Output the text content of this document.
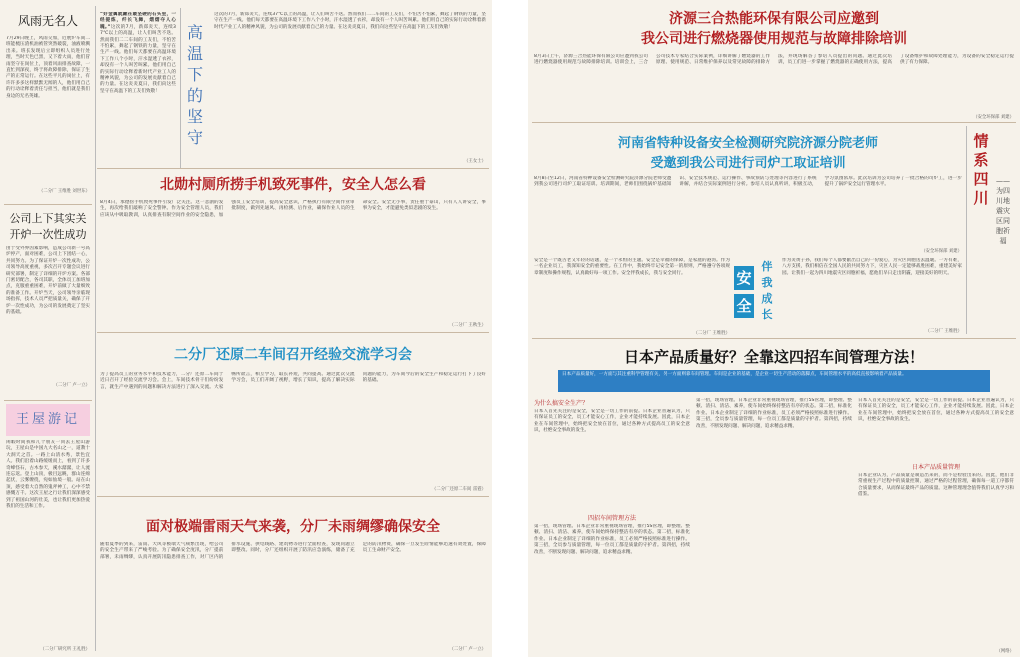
风雨无名人
7月29日晚上，风雨交加，近展炉车间二班能梳压渣机油被管突然破裂，油液喷溅出来。班长发现后立即组织人员进行处理，当时天色已黑，又下着大雨，他们冒雨坚守在岗位上，顶着风雨排查故障，一直忙到深夜，终于将故障排除，保证了生产的正常运行。在这些平凡的岗位上，有许许多多这样默默无闻的人，他们用自己的行动诠释着责任与担当，他们就是我们身边的无名英雄。
（二分厂 王维胜 刘世东）
公司上下其实关
开炉一次性成功
由于受外界因素影响，造成公司新一号高炉停产，面对困难，公司上下团结一心，共同努力。为了保证开炉一次性成功，公司领导高度重视，多次召开专题会议进行研究部署，制定了详细的开炉方案。各部门密切配合，各司其职，全体员工加班加点，克服重重困难，开炉前做了大量细致的准备工作。开炉当天，公司领导亲临现场指挥，技术人员严把质量关，确保了开炉一次性成功，为公司的发展奠定了坚实的基础。
（二分厂 卢一立）
王屋游记
闲暇时间我和几个朋友一同去王屋山游玩，王屋山是中国九大名山之一，道教十大洞天之首。一路上山清水秀，景色宜人。我们沿着山路缓缓而上，看到了许多奇峰怪石，古木参天，溪水潺潺，让人流连忘返。登上山顶，极目远眺，群山连绵起伏，云雾缭绕，宛如仙境一般。站在山顶，感受着大自然的鬼斧神工，心中不禁感慨万千。这次王屋之行让我们深深感受到了祖国山河的壮美，也让我们更加热爱我们的生活和工作。
（二分厂研究所 王礼胜）
“好金属就藏在最坚硬的石头里，一经提炼，纤长飞舞，熠熠夺人心魄。”这次的7月，新郑炎天，连续37℃以上的高温，让人们叫苦不迭。然而我们二二车间的工友们，不怕苦不怕累，舞起了钢铁的力量，坚守在生产一线。他们每天都要在高温环境下工作八个小时，汗水湿透了衣衫，却没有一个人叫苦叫累。他们用自己的实际行动诠释着新时代产业工人的精神风貌，为公司的发展贡献着自己的力量。在这炎炎夏日，我们向这些坚守在高温下的工友们致敬！
高温下的坚守
这次的7月，新郑炎天，连续37℃以上的高温，让人们叫苦不迭。然而我们二二车间的工友们，不怕苦不怕累，舞起了钢铁的力量，坚守在生产一线。他们每天都要在高温环境下工作八个小时，汗水湿透了衣衫，却没有一个人叫苦叫累。他们用自己的实际行动诠释着新时代产业工人的精神风貌，为公司的发展贡献着自己的力量。在这炎炎夏日，我们向这些坚守在高温下的工友们致敬！
（王女士）
北勋村厕所捞手机致死事件，安全人怎么看
8月4日，承德捞手机致死事件引发广泛关注。这一悲剧的发生，再次给我们敲响了安全警钟。作为安全管理人员，我们应该从中吸取教训，认真排查有限空间作业的安全隐患，加强员工安全培训，提高安全意识，严格执行有限空间作业审批制度，做到先通风、再检测、后作业，确保作业人员的生命安全。安全无小事，责任重于泰山，只有人人讲安全，事事为安全，才能避免类似悲剧的发生。
（二分厂 王秋生）
二分厂还原二车间召开经验交流学习会
为了提高员工的业务水平和技术能力，二分厂还原二车间于近日召开了经验交流学习会。会上，车间技术骨干们纷纷发言，就生产中遇到的问题和解决方法进行了深入交流。大家畅所欲言，相互学习，取长补短，共同提高。通过此次交流学习会，员工们开阔了视野，增长了知识，提高了解决实际问题的能力，为车间今后的安全生产和稳定运行打下了良好的基础。
（二分厂还原二车间 雷霆）
面对极端雷雨天气来袭，分厂未雨绸缪确保安全
随着夏季的到来，雷雨、大风等极端天气频繁出现，给公司的安全生产带来了严峻考验。为了确保安全度汛，分厂提前部署，未雨绸缪，认真开展防汛隐患排查工作，对厂区内的排水设施、供电线路、建筑物等进行全面检查，发现问题立即整改。同时，分厂还组织开展了防汛应急演练，储备了充足的防汛物资，确保一旦发生险情能够迅速有效处置，保障员工生命财产安全。
（二分厂 卢一立）
济源三合热能环保有限公司应邀到
我公司进行燃烧器使用规范与故障排除培训
8月3日上午，济源三合热能环保有限公司应邀到我公司进行燃烧器使用规范与故障排除培训。培训会上，三合公司技术专家结合实际案例，详细讲解了燃烧器的工作原理、使用规范、日常维护保养以及常见故障的排除方法，并现场解答了参培人员提出的问题。通过此次培训，员工们进一步掌握了燃烧器的正确使用方法，提高了设备维护和故障处理能力，为设备的安全稳定运行提供了有力保障。
（安全环保部 刘建）
河南省特种设备安全检测研究院济源分院老师
受邀到我公司进行司炉工取证培训
8月8日至12日，河南省特种设备安全检测研究院济源分院老师受邀到我公司进行司炉工取证培训。培训期间，老师们围绕锅炉基础知识、安全技术规范、运行操作、事故预防与处理等内容进行了系统讲解，并结合实际案例进行分析。参培人员认真听讲，积极互动，学习氛围浓厚。此次培训为公司培养了一批合格的司炉工，进一步提升了锅炉安全运行管理水平。
（安全环保部 刘建）
安全是一个既古老又年轻的话题，是一个永恒的主题。安全是幸福的保障，是家庭的港湾。作为一名企业员工，我深知安全的重要性。在工作中，我始终牢记安全第一的原则，严格遵守各项规章制度和操作规程，认真做好每一项工作。安全伴我成长，我与安全同行。	安
全
伴
我
成
长
（二分厂 王维胜）
作为炎黄子孙，我们每个人都要献出自己的一份爱心，为灾区同胞送去温暖。一方有难，八方支援，我们相信在全国人民的共同努力下，灾区人民一定能够战胜困难，重建美好家园。让我们一起为四川地震灾区同胞祈福，愿他们早日走出阴霾，迎接美好的明天。
（二分厂 王维胜）
情系四川
——为四川地震灾区同胞祈福
日本产品质量好？全靠这四招车间管理方法！
日本产品质量好，一方面与其注重科学管理有关，另一方面则靠车间管理。车间是企业的基础，是企业一切生产活动的落脚点，车间管理水平的高低直接影响着产品质量。
为什么搞安全生产？
日本人首先关注的是安全，安全是一切工作的前提。日本企业普遍认为，只有保证员工的安全，员工才能安心工作，企业才能持续发展。因此，日本企业在车间管理中，始终把安全放在首位，通过各种方式提高员工的安全意识，杜绝安全事故的发生。
四招车间管理方法
第一招，现场管理。日本企业非常重视现场管理，推行5S管理，即整理、整顿、清扫、清洁、素养，使车间始终保持整洁有序的状态。第二招，标准化作业。日本企业制定了详细的作业标准，员工必须严格按照标准进行操作。第三招，全员参与质量管理，每一位员工都是质量的守护者。第四招，持续改善，不断发现问题、解决问题，追求精益求精。
第一招，现场管理。日本企业非常重视现场管理，推行5S管理，即整理、整顿、清扫、清洁、素养，使车间始终保持整洁有序的状态。第二招，标准化作业。日本企业制定了详细的作业标准，员工必须严格按照标准进行操作。第三招，全员参与质量管理，每一位员工都是质量的守护者。第四招，持续改善，不断发现问题、解决问题，追求精益求精。
日本人首先关注的是安全，安全是一切工作的前提。日本企业普遍认为，只有保证员工的安全，员工才能安心工作，企业才能持续发展。因此，日本企业在车间管理中，始终把安全放在首位，通过各种方式提高员工的安全意识，杜绝安全事故的发生。
日本产品质量管理
日本企业认为，产品质量是制造出来的，而不是检验出来的。因此，他们非常重视生产过程中的质量控制，通过严格的过程管理，确保每一道工序都符合质量要求，从而保证最终产品的质量。这种管理理念值得我们认真学习和借鉴。
（网络）
